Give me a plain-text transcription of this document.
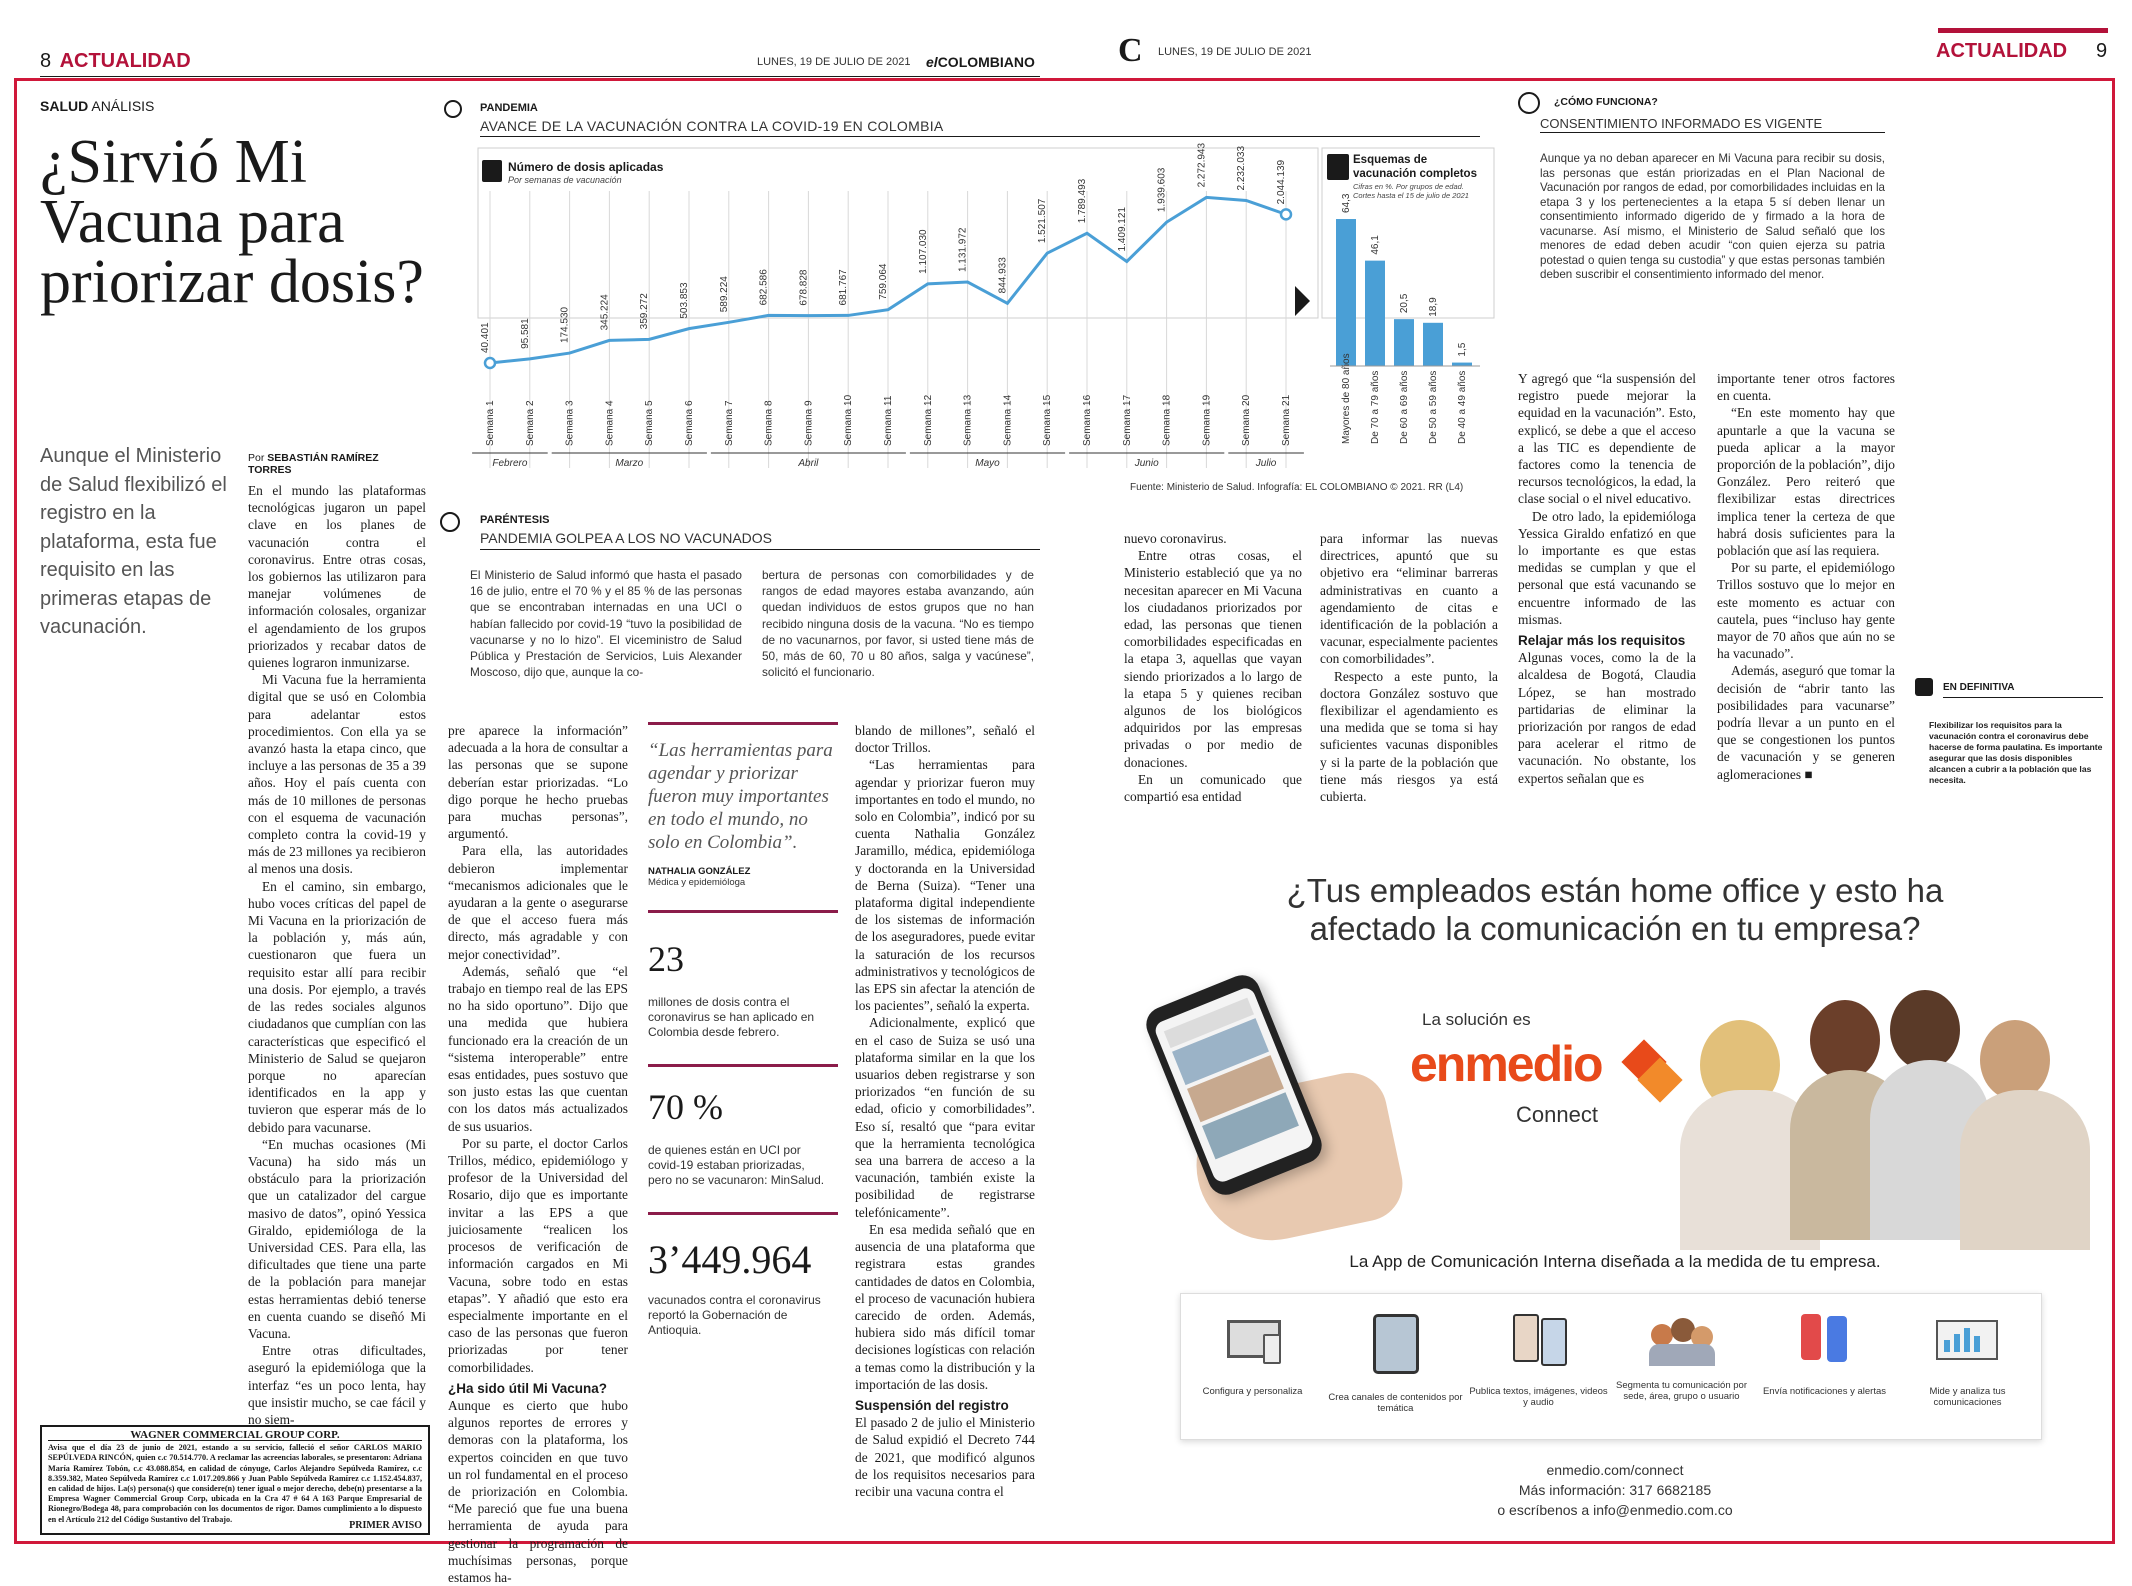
8 ACTUALIDAD	LUNES, 19 DE JULIO DE 2021 elCOLOMBIANO C LUNES, 19 DE JULIO DE 2021	ACTUALIDAD 9
SALUD ANÁLISIS
¿Sirvió Mi Vacuna para priorizar dosis?
Aunque el Ministerio de Salud flexibilizó el registro en la plataforma, esta fue requisito en las primeras etapas de vacunación.
Por SEBASTIÁN RAMÍREZ TORRES

En el mundo las plataformas tecnológicas jugaron un papel clave en los planes de vacunación contra el coronavirus. Entre otras cosas, los gobiernos las utilizaron para manejar volúmenes de información colosales, organizar el agendamiento de los grupos priorizados y recabar datos de quienes lograron inmunizarse.

Mi Vacuna fue la herramienta digital que se usó en Colombia para adelantar estos procedimientos. Con ella ya se avanzó hasta la etapa cinco, que incluye a las personas de 35 a 39 años. Hoy el país cuenta con más de 10 millones de personas con el esquema de vacunación completo contra la covid-19 y más de 23 millones ya recibieron al menos una dosis.

En el camino, sin embargo, hubo voces críticas del papel de Mi Vacuna en la priorización de la población y, más aún, cuestionaron que fuera un requisito estar allí para recibir una dosis. Por ejemplo, a través de las redes sociales algunos ciudadanos que cumplían con las características que especificó el Ministerio de Salud se quejaron porque no aparecían identificados en la app y tuvieron que esperar más de lo debido para vacunarse.

“En muchas ocasiones (Mi Vacuna) ha sido más un obstáculo para la priorización que un catalizador del cargue masivo de datos”, opinó Yessica Giraldo, epidemióloga de la Universidad CES. Para ella, las dificultades que tiene una parte de la población para manejar estas herramientas debió tenerse en cuenta cuando se diseñó Mi Vacuna.

Entre otras dificultades, aseguró la epidemióloga que la interfaz “es un poco lenta, hay que insistir mucho, se cae fácil y no siem-

WAGNER COMMERCIAL GROUP CORP.
Avisa que el día 23 de junio de 2021, estando a su servicio, falleció el señor CARLOS MARIO SEPÚLVEDA RINCÓN, quien c.c 70.514.770. A reclamar las acreencias laborales, se presentaron: Adriana María Ramírez Tobón, c.c 43.088.854, en calidad de cónyuge, Carlos Alejandro Sepúlveda Ramírez, c.c 8.359.382, Mateo Sepúlveda Ramírez c.c 1.017.209.866 y Juan Pablo Sepúlveda Ramírez c.c 1.152.454.837, en calidad de hijos. La(s) persona(s) que considere(n) tener igual o mejor derecho, debe(n) presentarse a la Empresa Wagner Commercial Group Corp, ubicada en la Cra 47 # 64 A 163 Parque Empresarial de Rionegro/Bodega 48, para comprobación con los documentos de rigor. Damos cumplimiento a lo dispuesto en el Artículo 212 del Código Sustantivo del Trabajo.
PRIMER AVISO

pre aparece la información” adecuada a la hora de consultar a las personas que se supone deberían estar priorizadas. “Lo digo porque he hecho pruebas para muchas personas”, argumentó.

Para ella, las autoridades debieron implementar “mecanismos adicionales que le ayudaran a la gente o asegurarse de que el acceso fuera más directo, más agradable y con mejor conectividad”.

Además, señaló que “el trabajo en tiempo real de las EPS no ha sido oportuno”. Dijo que una medida que hubiera funcionado era la creación de un “sistema interoperable” entre esas entidades, pues sostuvo que son justo estas las que cuentan con los datos más actualizados de sus usuarios.

Por su parte, el doctor Carlos Trillos, médico, epidemiólogo y profesor de la Universidad del Rosario, dijo que es importante invitar a las EPS a que juiciosamente “realicen los procesos de verificación de información cargados en Mi Vacuna, sobre todo en estas etapas”. Y añadió que esto era especialmente importante en el caso de las personas que fueron priorizadas por tener comorbilidades.

¿Ha sido útil Mi Vacuna?

Aunque es cierto que hubo algunos reportes de errores y demoras con la plataforma, los expertos coinciden en que tuvo un rol fundamental en el proceso de priorización en Colombia. “Me pareció que fue una buena herramienta de ayuda para gestionar la programación de muchísimas personas, porque estamos ha-

“Las herramientas para agendar y priorizar fueron muy importantes en todo el mundo, no solo en Colombia”.
NATHALIA GONZÁLEZ
Médica y epidemióloga
23
millones de dosis contra el coronavirus se han aplicado en Colombia desde febrero.
70 %
de quienes están en UCI por covid-19 estaban priorizadas, pero no se vacunaron: MinSalud.
3’449.964
vacunados contra el coronavirus reportó la Gobernación de Antioquia.

blando de millones”, señaló el doctor Trillos.

“Las herramientas para agendar y priorizar fueron muy importantes en todo el mundo, no solo en Colombia”, indicó por su cuenta Nathalia González Jaramillo, médica, epidemióloga y doctoranda en la Universidad de Berna (Suiza). “Tener una plataforma digital independiente de los sistemas de información de los aseguradores, puede evitar la saturación de los recursos administrativos y tecnológicos de las EPS sin afectar la atención de los pacientes”, señaló la experta.

Adicionalmente, explicó que en el caso de Suiza se usó una plataforma similar en la que los usuarios deben registrarse y son priorizados “en función de su edad, oficio y comorbilidades”. Eso sí, resaltó que “para evitar que la herramienta tecnológica sea una barrera de acceso a la vacunación, también existe la posibilidad de registrarse telefónicamente”.

En esa medida señaló que en ausencia de una plataforma que registrara estas grandes cantidades de datos en Colombia, el proceso de vacunación hubiera carecido de orden. Además, hubiera sido más difícil tomar decisiones logísticas con relación a temas como la distribución y la importación de las dosis.

Suspensión del registro

El pasado 2 de julio el Ministerio de Salud expidió el Decreto 744 de 2021, que modificó algunos de los requisitos necesarios para recibir una vacuna contra el

PANDEMIA
AVANCE DE LA VACUNACIÓN CONTRA LA COVID-19 EN COLOMBIA
40.401	95.581	174.530	345.224	359.272	503.853	589.224	682.586	678.828	681.767	759.064
1.107.030	1.131.972
844.933
1.521.507	1.789.493
1.409.121
1.939.603
2.272.943	2.232.033	2.044.139
Semana 1	Semana 2	Semana 3	Semana 4	Semana 5	Semana 6	Semana 7	Semana 8	Semana 9	Semana 10	Semana 11	Semana 12	Semana 13	Semana 14	Semana 15	Semana 16	Semana 17	Semana 18	Semana 19	Semana 20	Semana 21
Febrero	Marzo	Abril	Mayo	Junio	Julio
64,3
Mayores de 80 años
46,1
De 70 a 79 años
20,5
De 60 a 69 años
18,9
De 50 a 59 años
1,5
De 40 a 49 años
Número de dosis aplicadas
Por semanas de vacunación
Esquemas de vacunación completos
Cifras en %. Por grupos de edad. Cortes hasta el 15 de julio de 2021
Fuente: Ministerio de Salud. Infografía: EL COLOMBIANO © 2021. RR (L4)
PARÉNTESIS
PANDEMIA GOLPEA A LOS NO VACUNADOS
El Ministerio de Salud informó que hasta el pasado 16 de julio, entre el 70 % y el 85 % de las personas que se encontraban internadas en una UCI o habían fallecido por covid-19 “tuvo la posibilidad de vacunarse y no lo hizo”. El viceministro de Salud Pública y Prestación de Servicios, Luis Alexander Moscoso, dijo que, aunque la co-
bertura de personas con comorbilidades y de rangos de edad mayores estaba avanzando, aún quedan individuos de estos grupos que no han recibido ninguna dosis de la vacuna. “No es tiempo de no vacunarnos, por favor, si usted tiene más de 50, más de 60, 70 u 80 años, salga y vacúnese”, solicitó el funcionario.
¿CÓMO FUNCIONA?
CONSENTIMIENTO INFORMADO ES VIGENTE
Aunque ya no deban aparecer en Mi Vacuna para recibir su dosis, las personas que están priorizadas en el Plan Nacional de Vacunación por rangos de edad, por comorbilidades incluidas en la etapa 3 y los pertenecientes a la etapa 5 sí deben llenar un consentimiento informado digerido de y firmado a la hora de vacunarse. Así mismo, el Ministerio de Salud señaló que los menores de edad deben acudir “con quien ejerza su patria potestad o quien tenga su custodia” y que estas personas también deben suscribir el consentimiento informado del menor.

nuevo coronavirus.

Entre otras cosas, el Ministerio estableció que ya no necesitan aparecer en Mi Vacuna los ciudadanos priorizados por edad, las personas que tienen comorbilidades especificadas en la etapa 3, aquellas que vayan siendo priorizados a lo largo de la etapa 5 y quienes reciban algunos de los biológicos adquiridos por las empresas privadas o por medio de donaciones.

En un comunicado que compartió esa entidad

para informar las nuevas directrices, apuntó que su objetivo era “eliminar barreras administrativas en cuanto a agendamiento de citas e identificación de la población a vacunar, especialmente pacientes con comorbilidades”.

Respecto a este punto, la doctora González sostuvo que flexibilizar el agendamiento es una medida que se toma si hay suficientes vacunas disponibles y si la parte de la población que tiene más riesgos ya está cubierta.

Y agregó que “la suspensión del registro puede mejorar la equidad en la vacunación”. Esto, explicó, se debe a que el acceso a las TIC es dependiente de factores como la tenencia de recursos tecnológicos, la edad, la clase social o el nivel educativo.

De otro lado, la epidemióloga Yessica Giraldo enfatizó en que lo importante es que estas medidas se cumplan y que el personal que está vacunando se encuentre informado de las mismas.

Relajar más los requisitos

Algunas voces, como la de la alcaldesa de Bogotá, Claudia López, se han mostrado partidarias de eliminar la priorización por rangos de edad para acelerar el ritmo de vacunación. No obstante, los expertos señalan que es

importante tener otros factores en cuenta.

“En este momento hay que apuntarle a que la vacuna se pueda aplicar a la mayor proporción de la población”, dijo González. Pero reiteró que flexibilizar estas directrices implica tener la certeza de que habrá dosis suficientes para la población que así las requiera.

Por su parte, el epidemiólogo Trillos sostuvo que lo mejor en este momento es actuar con cautela, pues “incluso hay gente mayor de 70 años que aún no se ha vacunado”.

Además, aseguró que tomar la decisión de “abrir tanto las posibilidades para vacunarse” podría llevar a un punto en el que se congestionen los puntos de vacunación y se generen aglomeraciones ■

EN DEFINITIVA
Flexibilizar los requisitos para la vacunación contra el coronavirus debe hacerse de forma paulatina. Es importante asegurar que las dosis disponibles alcancen a cubrir a la población que las necesita.
¿Tus empleados están home office y esto ha
afectado la comunicación en tu empresa?
La solución es
enmedio
Connect
La App de Comunicación Interna diseñada a la medida de tu empresa.
Configura y personaliza
Crea canales de contenidos por temática
Publica textos, imágenes, videos y audio
Segmenta tu comunicación por sede, área, grupo o usuario	Envía notificaciones y alertas	Mide y analiza tus comunicaciones
enmedio.com/connect
Más información: 317 6682185
o escríbenos a info@enmedio.com.co
